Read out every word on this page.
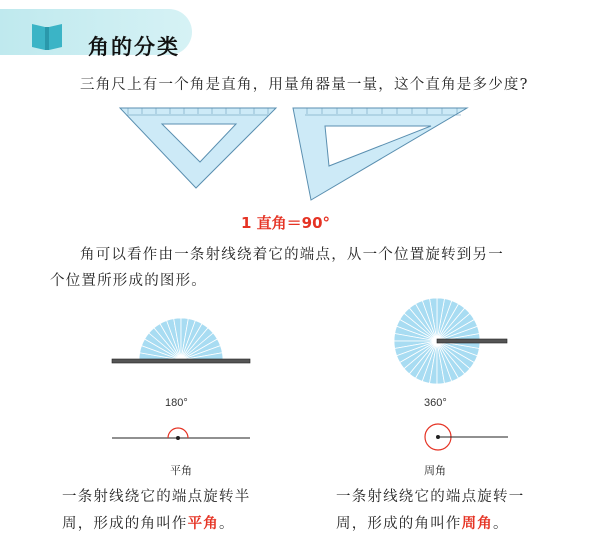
角的分类
三角尺上有一个角是直角，用量角器量一量，这个直角是多少度?
1 直角＝90°
角可以看作由一条射线绕着它的端点，从一个位置旋转到另一
个位置所形成的图形。
180°
平角
360°
周角
一条射线绕它的端点旋转半
周，形成的角叫作平角。
一条射线绕它的端点旋转一
周，形成的角叫作周角。
